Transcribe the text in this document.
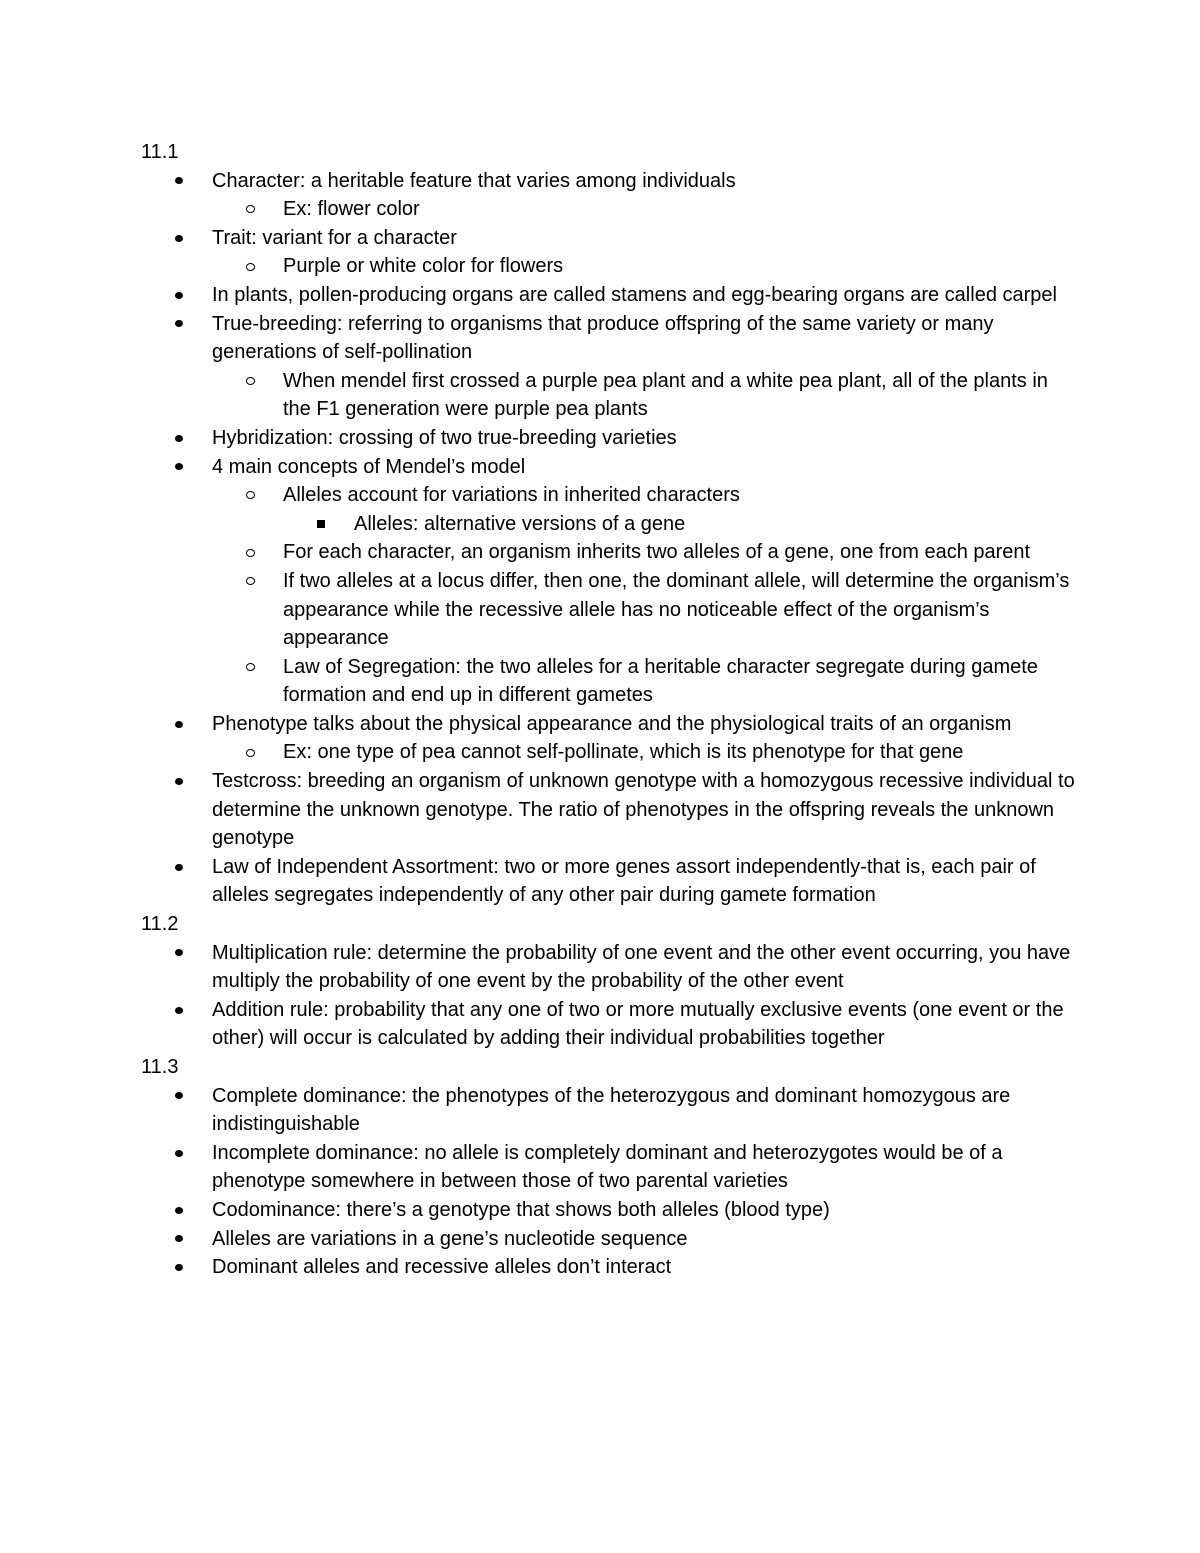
11.1
Character: a heritable feature that varies among individuals
Ex: flower color
Trait: variant for a character
Purple or white color for flowers
In plants, pollen-producing organs are called stamens and egg-bearing organs are called carpel
True-breeding: referring to organisms that produce offspring of the same variety or many generations of self-pollination
When mendel first crossed a purple pea plant and a white pea plant, all of the plants in the F1 generation were purple pea plants
Hybridization: crossing of two true-breeding varieties
4 main concepts of Mendel’s model
Alleles account for variations in inherited characters
Alleles: alternative versions of a gene
For each character, an organism inherits two alleles of a gene, one from each parent
If two alleles at a locus differ, then one, the dominant allele, will determine the organism’s appearance while the recessive allele has no noticeable effect of the organism’s appearance
Law of Segregation: the two alleles for a heritable character segregate during gamete formation and end up in different gametes
Phenotype talks about the physical appearance and the physiological traits of an organism
Ex: one type of pea cannot self-pollinate, which is its phenotype for that gene
Testcross: breeding an organism of unknown genotype with a homozygous recessive individual to determine the unknown genotype. The ratio of phenotypes in the offspring reveals the unknown genotype
Law of Independent Assortment: two or more genes assort independently-that is, each pair of alleles segregates independently of any other pair during gamete formation
11.2
Multiplication rule: determine the probability of one event and the other event occurring, you have multiply the probability of one event by the probability of the other event
Addition rule: probability that any one of two or more mutually exclusive events (one event or the other) will occur is calculated by adding their individual probabilities together
11.3
Complete dominance: the phenotypes of the heterozygous and dominant homozygous are indistinguishable
Incomplete dominance: no allele is completely dominant and heterozygotes would be of a phenotype somewhere in between those of two parental varieties
Codominance: there’s a genotype that shows both alleles (blood type)
Alleles are variations in a gene’s nucleotide sequence
Dominant alleles and recessive alleles don’t interact
